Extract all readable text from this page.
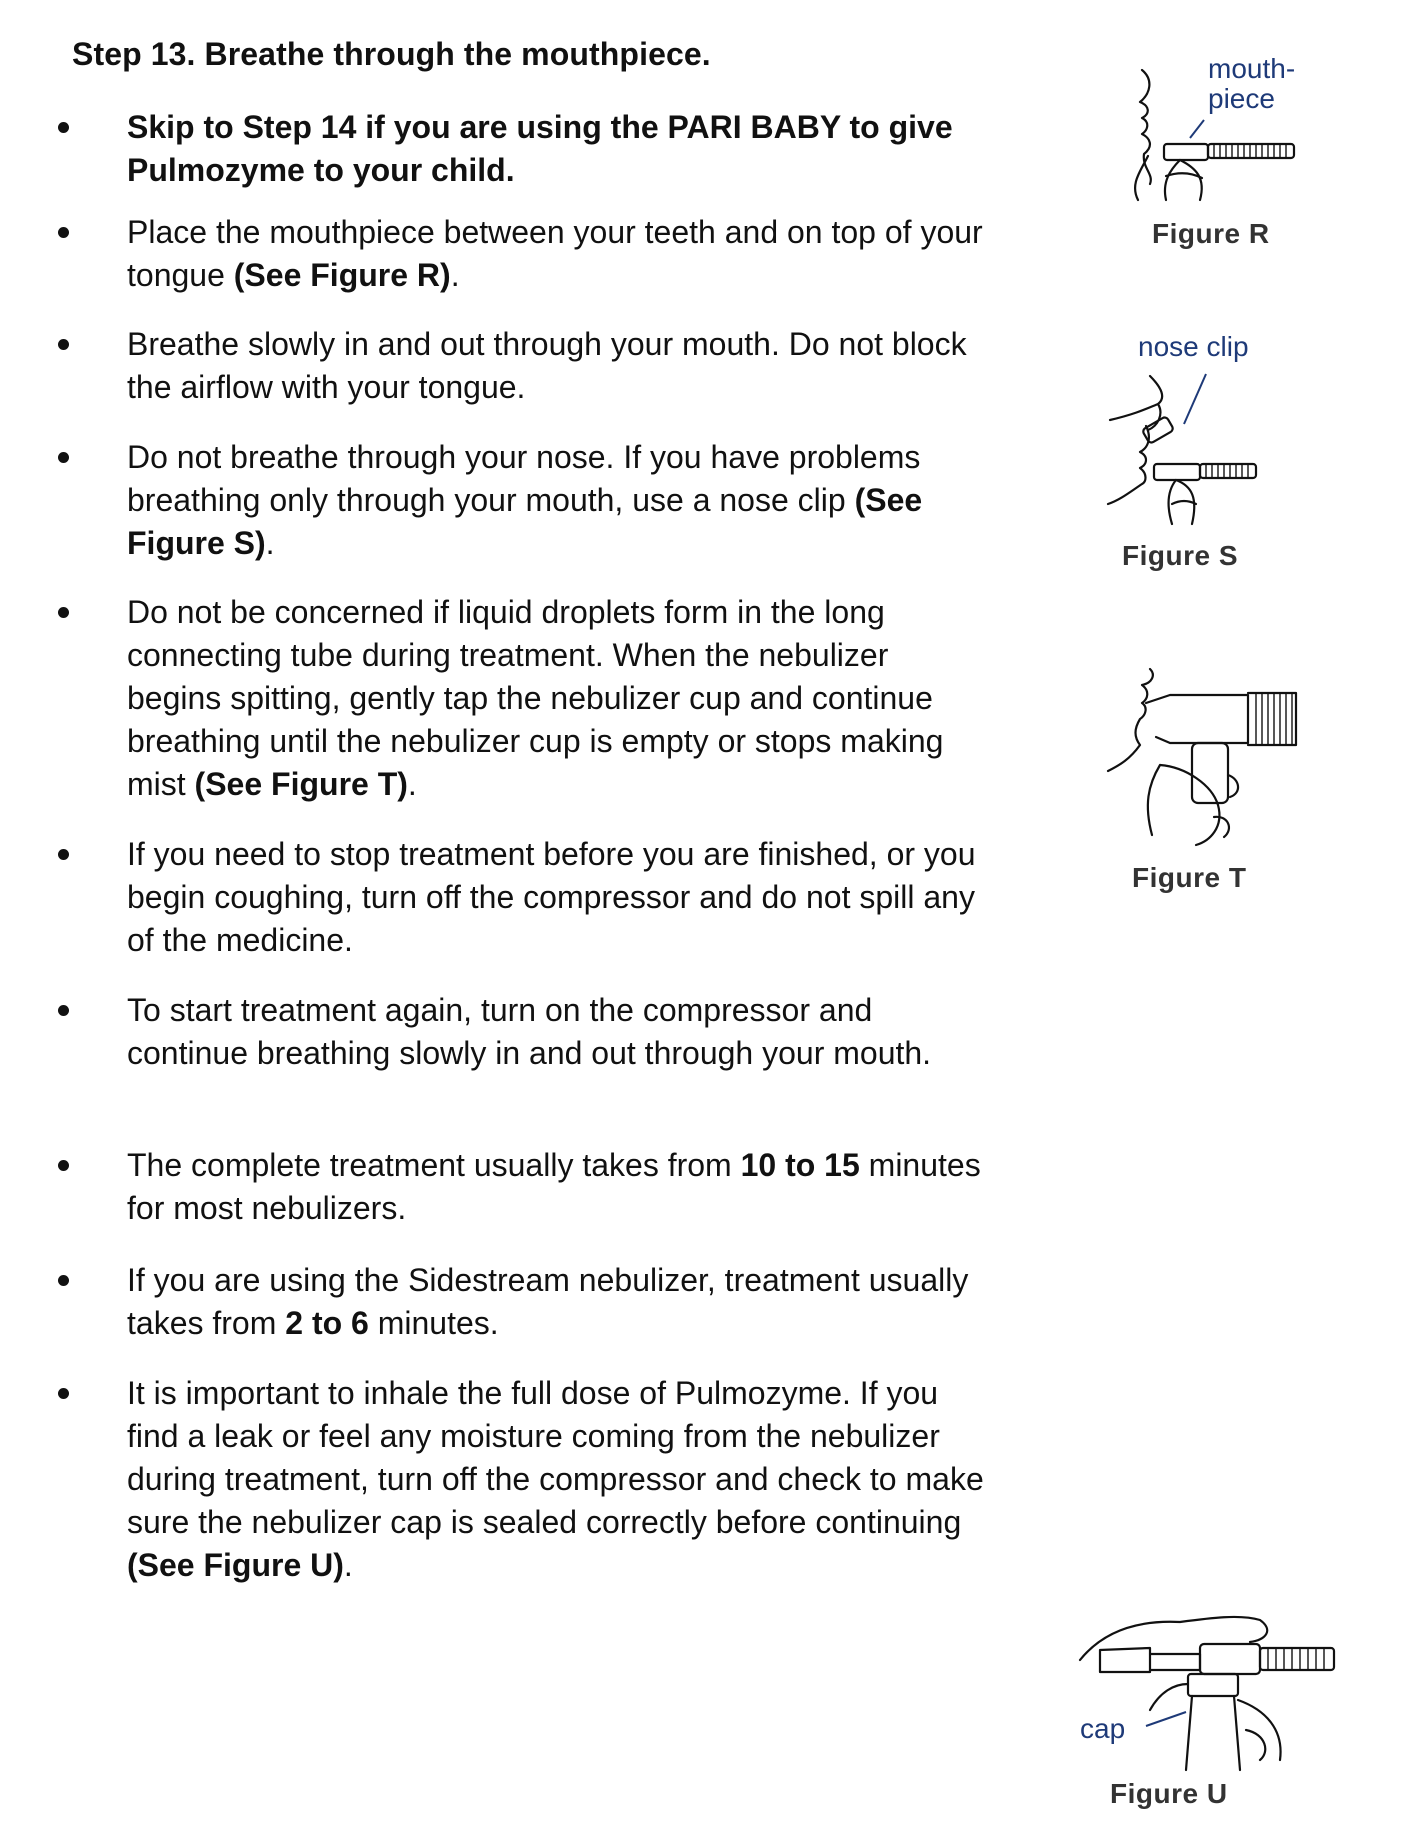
Step 13. Breathe through the mouthpiece.
Skip to Step 14 if you are using the PARI BABY to give Pulmozyme to your child.
Place the mouthpiece between your teeth and on top of your tongue (See Figure R).
Breathe slowly in and out through your mouth. Do not block the airflow with your tongue.
Do not breathe through your nose. If you have problems breathing only through your mouth, use a nose clip (See Figure S).
Do not be concerned if liquid droplets form in the long connecting tube during treatment. When the nebulizer begins spitting, gently tap the nebulizer cup and continue breathing until the nebulizer cup is empty or stops making mist (See Figure T).
If you need to stop treatment before you are finished, or you begin coughing, turn off the compressor and do not spill any of the medicine.
To start treatment again, turn on the compressor and continue breathing slowly in and out through your mouth.
The complete treatment usually takes from 10 to 15 minutes for most nebulizers.
If you are using the Sidestream nebulizer, treatment usually takes from 2 to 6 minutes.
It is important to inhale the full dose of Pulmozyme. If you find a leak or feel any moisture coming from the nebulizer during treatment, turn off the compressor and check to make sure the nebulizer cap is sealed correctly before continuing (See Figure U).
mouth-
piece
Figure R
nose clip
Figure S
Figure T
cap
Figure U
